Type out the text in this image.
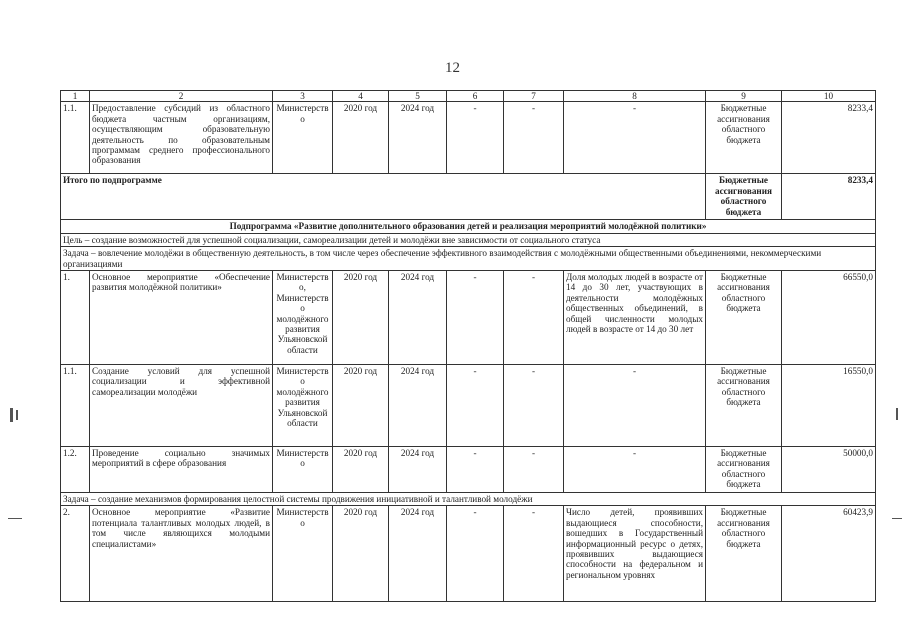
12
1	2	3	4	5	6	7	8	9	10
1.1.	Предоставление субсидий из областного бюджета частным организациям, осуществляющим образовательную деятельность по образовательным программам среднего профессионального образования	Министерство	2020 год	2024 год	-	-	-	Бюджетные ассигнования областного бюджета	8233,4
Итого по подпрограмме								Бюджетные ассигнования областного бюджета	8233,4
Подпрограмма «Развитие дополнительного образования детей и реализация мероприятий молодёжной политики»									
Цель – создание возможностей для успешной социализации, самореализации детей и молодёжи вне зависимости от социального статуса									
Задача – вовлечение молодёжи в общественную деятельность, в том числе через обеспечение эффективного взаимодействия с молодёжными общественными объединениями, некоммерческими организациями									
1.	Основное мероприятие «Обеспечение развития молодёжной политики»	Министерство, Министерство молодёжного развития Ульяновской области	2020 год	2024 год	-	-	Доля молодых людей в возрасте от 14 до 30 лет, участвующих в деятельности молодёжных общественных объединений, в общей численности молодых людей в возрасте от 14 до 30 лет	Бюджетные ассигнования областного бюджета	66550,0
1.1.	Создание условий для успешной социализации и эффективной самореализации молодёжи	Министерство молодёжного развития Ульяновской области	2020 год	2024 год	-	-	-	Бюджетные ассигнования областного бюджета	16550,0
1.2.	Проведение социально значимых мероприятий в сфере образования	Министерство	2020 год	2024 год	-	-	-	Бюджетные ассигнования областного бюджета	50000,0
Задача – создание механизмов формирования целостной системы продвижения инициативной и талантливой молодёжи									
2.	Основное мероприятие «Развитие потенциала талантливых молодых людей, в том числе являющихся молодыми специалистами»	Министерство	2020 год	2024 год	-	-	Число детей, проявивших выдающиеся способности, вошедших в Государственный информационный ресурс о детях, проявивших выдающиеся способности на федеральном и региональном уровнях	Бюджетные ассигнования областного бюджета	60423,9
